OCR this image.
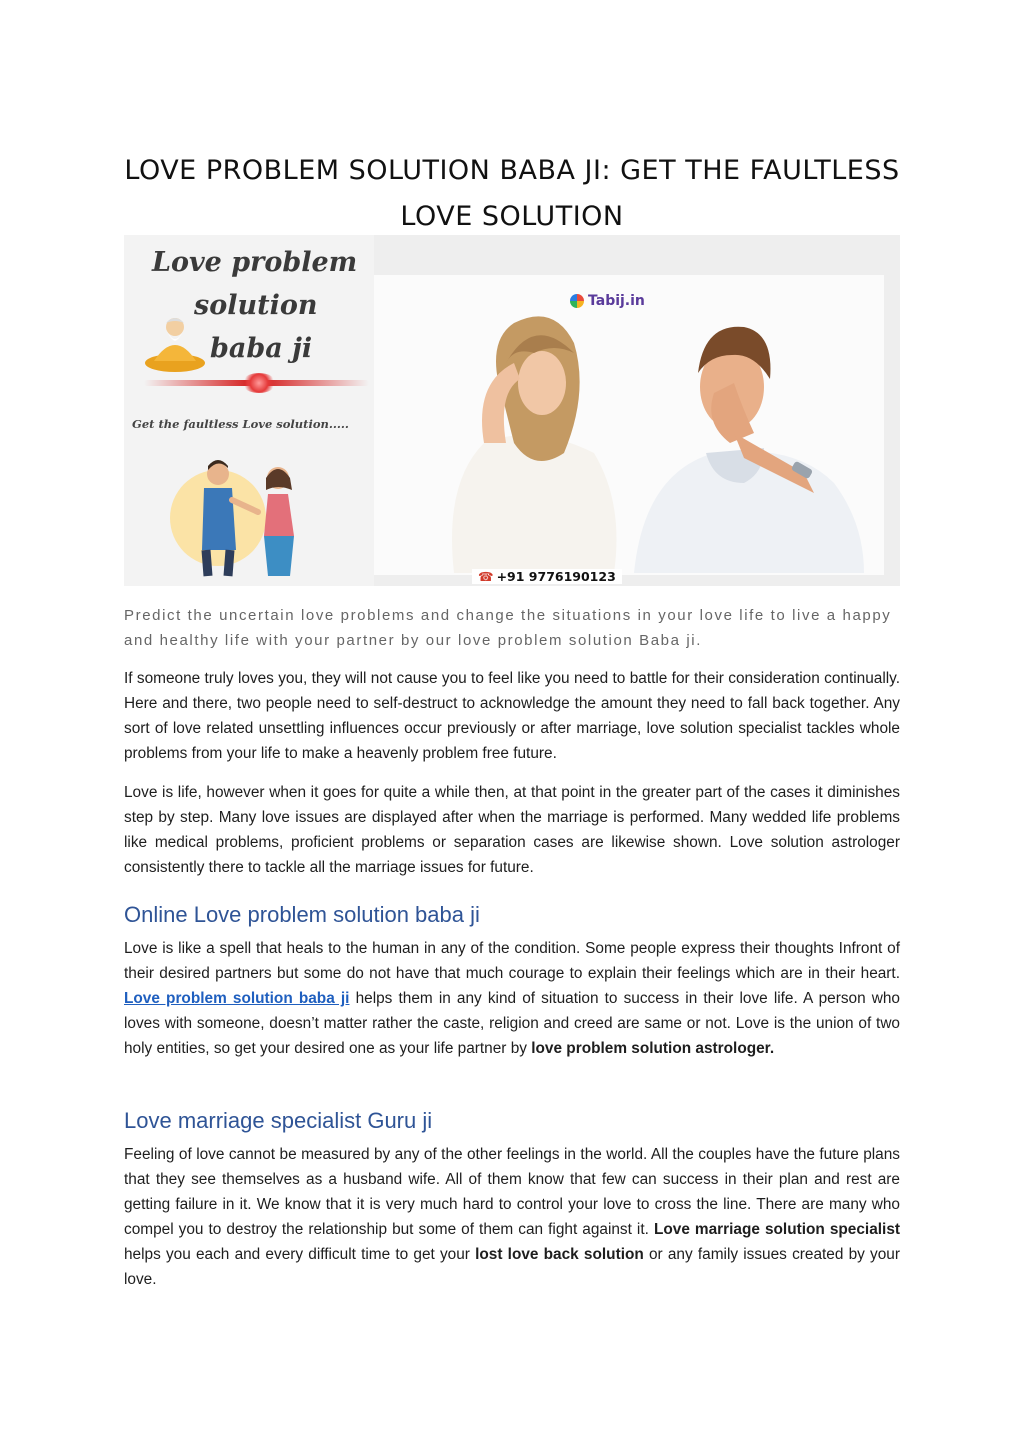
LOVE PROBLEM SOLUTION BABA JI: GET THE FAULTLESS LOVE SOLUTION
Love problem
solution
baba ji
Get the faultless Love solution.....
Tabij.in
☎ +91 9776190123

Predict the uncertain love problems and change the situations in your love life to live a happy and healthy life with your partner by our love problem solution Baba ji.

If someone truly loves you, they will not cause you to feel like you need to battle for their consideration continually. Here and there, two people need to self-destruct to acknowledge the amount they need to fall back together. Any sort of love related unsettling influences occur previously or after marriage, love solution specialist tackles whole problems from your life to make a heavenly problem free future.

Love is life, however when it goes for quite a while then, at that point in the greater part of the cases it diminishes step by step. Many love issues are displayed after when the marriage is performed. Many wedded life problems like medical problems, proficient problems or separation cases are likewise shown. Love solution astrologer consistently there to tackle all the marriage issues for future.

Online Love problem solution baba ji

Love is like a spell that heals to the human in any of the condition. Some people express their thoughts Infront of their desired partners but some do not have that much courage to explain their feelings which are in their heart. Love problem solution baba ji helps them in any kind of situation to success in their love life. A person who loves with someone, doesn’t matter rather the caste, religion and creed are same or not. Love is the union of two holy entities, so get your desired one as your life partner by love problem solution astrologer.

Love marriage specialist Guru ji

Feeling of love cannot be measured by any of the other feelings in the world. All the couples have the future plans that they see themselves as a husband wife. All of them know that few can success in their plan and rest are getting failure in it. We know that it is very much hard to control your love to cross the line. There are many who compel you to destroy the relationship but some of them can fight against it. Love marriage solution specialist helps you each and every difficult time to get your lost love back solution or any family issues created by your love.
